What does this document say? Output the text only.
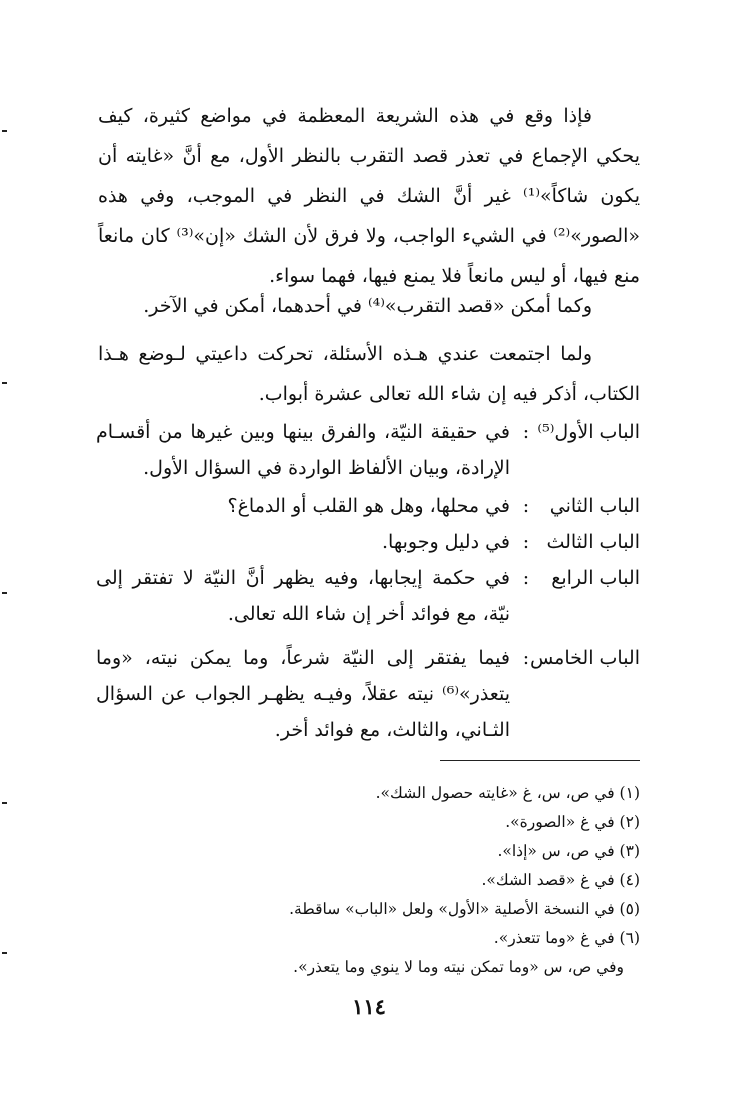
فإذا وقع في هذه الشريعة المعظمة في مواضع كثيرة، كيف يحكي الإجماع في تعذر قصد التقرب بالنظر الأول، مع أنَّ «غايته أن يكون شاكاً»⁽¹⁾ غير أنَّ الشك في النظر في الموجب، وفي هذه «الصور»⁽²⁾ في الشيء الواجب، ولا فرق لأن الشك «إن»⁽³⁾ كان مانعاً منع فيها، أو ليس مانعاً فلا يمنع فيها، فهما سواء.
وكما أمكن «قصد التقرب»⁽⁴⁾ في أحدهما، أمكن في الآخر.
ولما اجتمعت عندي هـذه الأسئلة، تحركت داعيتي لـوضع هـذا الكتاب، أذكر فيه إن شاء الله تعالى عشرة أبواب.
الباب الأول⁽⁵⁾
:
في حقيقة النيّة، والفرق بينها وبين غيرها من أقسـام الإرادة، وبيان الألفاظ الواردة في السؤال الأول.
الباب الثاني
:
في محلها، وهل هو القلب أو الدماغ؟
الباب الثالث
:
في دليل وجوبها.
الباب الرابع
:
في حكمة إيجابها، وفيه يظهر أنَّ النيّة لا تفتقر إلى نيّة، مع فوائد أخر إن شاء الله تعالى.
الباب الخامس
:
فيما يفتقر إلى النيّة شرعاً، وما يمكن نيته، «وما يتعذر»⁽⁶⁾ نيته عقلاً، وفيـه يظهـر الجواب عن السؤال الثـاني، والثالث، مع فوائد أخر.
(١) في ص، س، غ «غايته حصول الشك».
(٢) في غ «الصورة».
(٣) في ص، س «إذا».
(٤) في غ «قصد الشك».
(٥) في النسخة الأصلية «الأول» ولعل «الباب» ساقطة.
(٦) في غ «وما تتعذر».
وفي ص، س «وما تمكن نيته وما لا ينوي وما يتعذر».
١١٤
